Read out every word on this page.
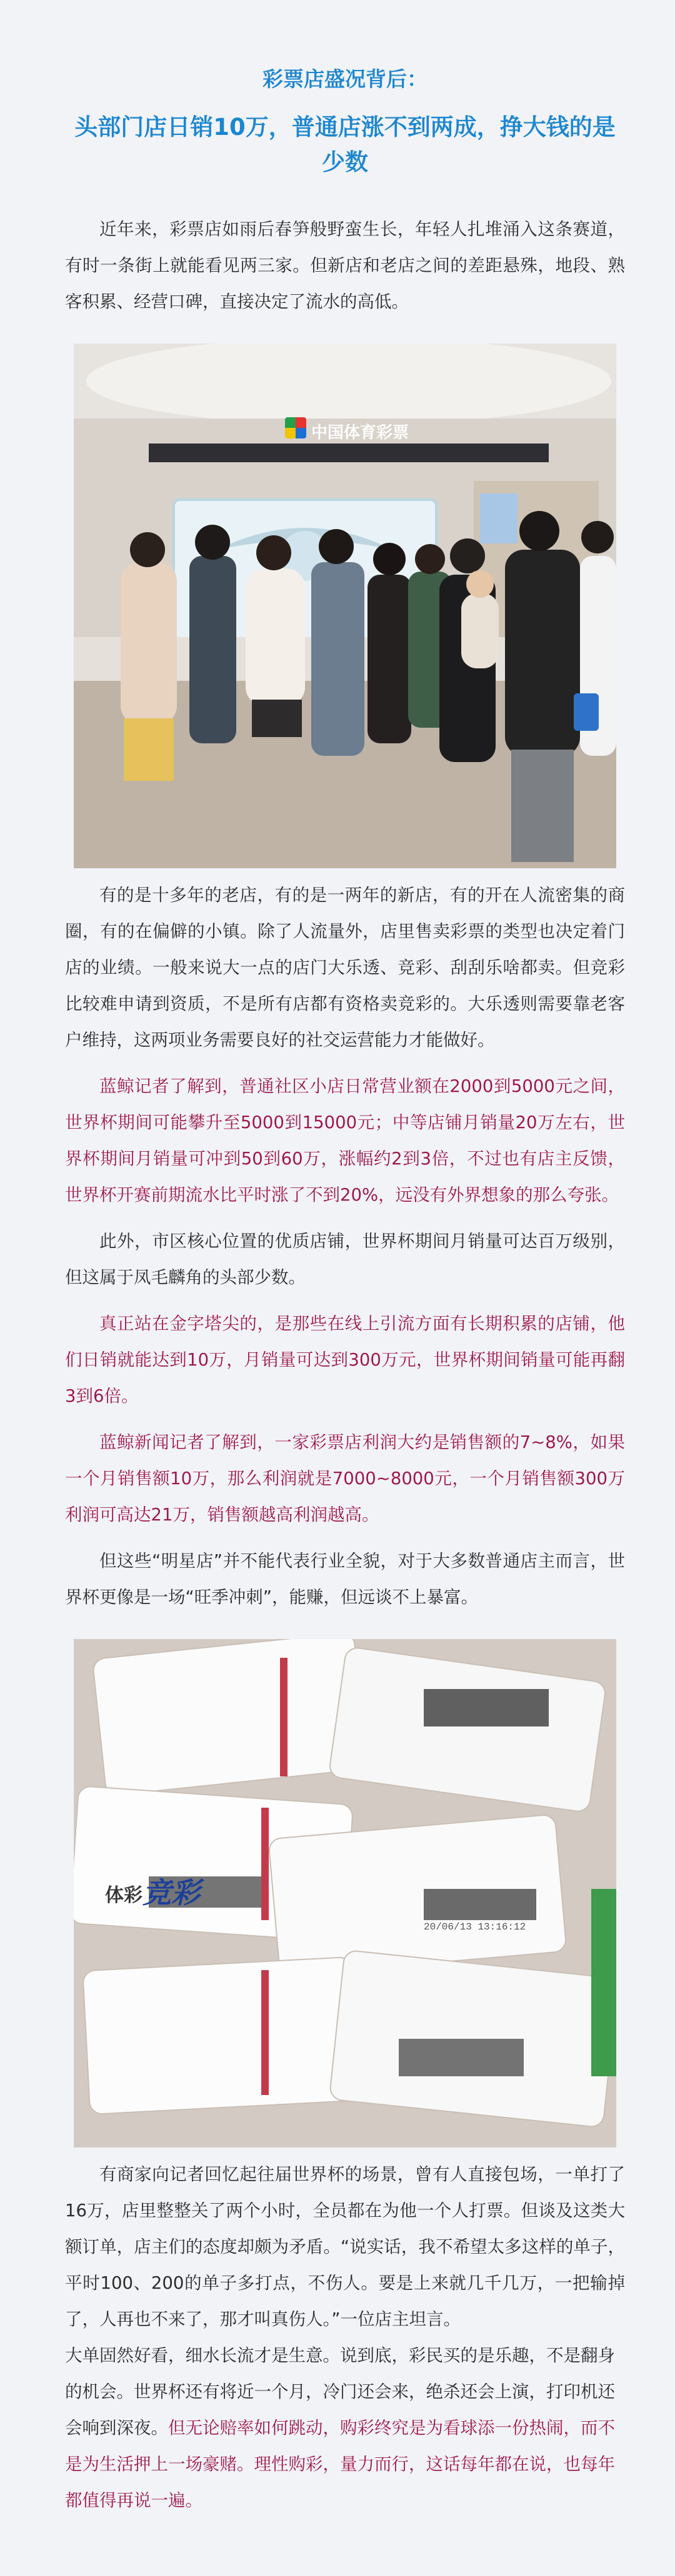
彩票店盛况背后：
头部门店日销10万，普通店涨不到两成，挣大钱的是少数

近年来，彩票店如雨后春笋般野蛮生长，年轻人扎堆涌入这条赛道，有时一条街上就能看见两三家。但新店和老店之间的差距悬殊，地段、熟客积累、经营口碑，直接决定了流水的高低。

中国体育彩票

有的是十多年的老店，有的是一两年的新店，有的开在人流密集的商圈，有的在偏僻的小镇。除了人流量外，店里售卖彩票的类型也决定着门店的业绩。一般来说大一点的店门大乐透、竞彩、刮刮乐啥都卖。但竞彩比较难申请到资质，不是所有店都有资格卖竞彩的。大乐透则需要靠老客户维持，这两项业务需要良好的社交运营能力才能做好。

蓝鲸记者了解到，普通社区小店日常营业额在2000到5000元之间，世界杯期间可能攀升至5000到15000元；中等店铺月销量20万左右，世界杯期间月销量可冲到50到60万，涨幅约2到3倍，不过也有店主反馈，世界杯开赛前期流水比平时涨了不到20%，远没有外界想象的那么夸张。

此外，市区核心位置的优质店铺，世界杯期间月销量可达百万级别，但这属于凤毛麟角的头部少数。

真正站在金字塔尖的，是那些在线上引流方面有长期积累的店铺，他们日销就能达到10万，月销量可达到300万元，世界杯期间销量可能再翻3到6倍。

蓝鲸新闻记者了解到，一家彩票店利润大约是销售额的7~8%，如果一个月销售额10万，那么利润就是7000~8000元，一个月销售额300万利润可高达21万，销售额越高利润越高。

但这些“明星店”并不能代表行业全貌，对于大多数普通店主而言，世界杯更像是一场“旺季冲刺”，能赚，但远谈不上暴富。

体彩 竞彩
20/06/13 13:16:12

有商家向记者回忆起往届世界杯的场景，曾有人直接包场，一单打了16万，店里整整关了两个小时，全员都在为他一个人打票。但谈及这类大额订单，店主们的态度却颇为矛盾。“说实话，我不希望太多这样的单子，平时100、200的单子多打点，不伤人。要是上来就几千几万，一把输掉了，人再也不来了，那才叫真伤人。”一位店主坦言。

大单固然好看，细水长流才是生意。说到底，彩民买的是乐趣，不是翻身的机会。世界杯还有将近一个月，冷门还会来，绝杀还会上演，打印机还会响到深夜。

但无论赔率如何跳动，购彩终究是为看球添一份热闹，而不是为生活押上一场豪赌。理性购彩，量力而行，这话每年都在说，也每年都值得再说一遍。
